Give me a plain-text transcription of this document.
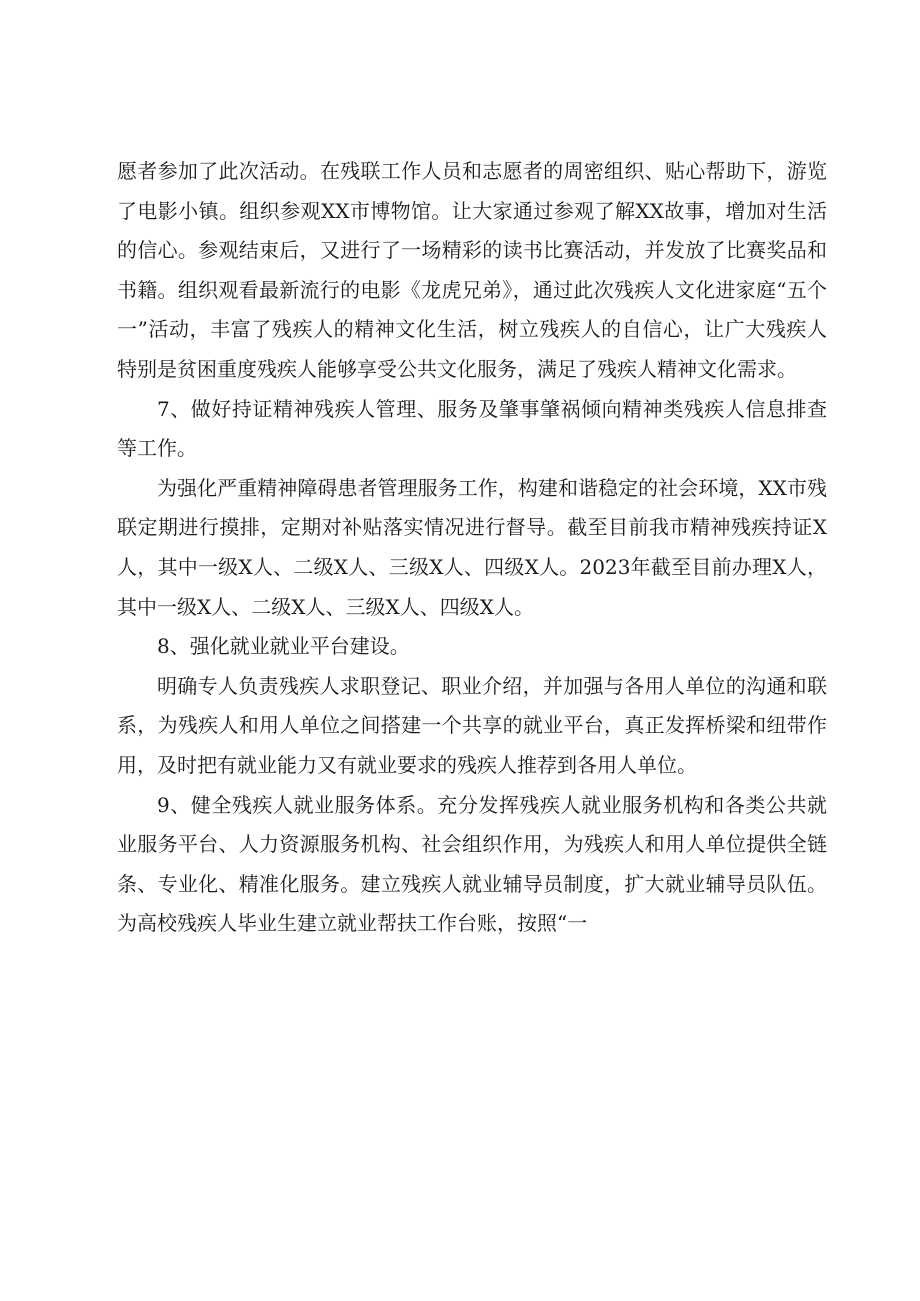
愿者参加了此次活动。在残联工作人员和志愿者的周密组织、贴心帮助下，游览了电影小镇。组织参观XX市博物馆。让大家通过参观了解XX故事，增加对生活的信心。参观结束后，又进行了一场精彩的读书比赛活动，并发放了比赛奖品和书籍。组织观看最新流行的电影《龙虎兄弟》，通过此次残疾人文化进家庭“五个一”活动，丰富了残疾人的精神文化生活，树立残疾人的自信心，让广大残疾人特别是贫困重度残疾人能够享受公共文化服务，满足了残疾人精神文化需求。

7、做好持证精神残疾人管理、服务及肇事肇祸倾向精神类残疾人信息排查等工作。

为强化严重精神障碍患者管理服务工作，构建和谐稳定的社会环境，XX市残联定期进行摸排，定期对补贴落实情况进行督导。截至目前我市精神残疾持证X人，其中一级X人、二级X人、三级X人、四级X人。2023年截至目前办理X人，其中一级X人、二级X人、三级X人、四级X人。

8、强化就业就业平台建设。

明确专人负责残疾人求职登记、职业介绍，并加强与各用人单位的沟通和联系，为残疾人和用人单位之间搭建一个共享的就业平台，真正发挥桥梁和纽带作用，及时把有就业能力又有就业要求的残疾人推荐到各用人单位。

9、健全残疾人就业服务体系。充分发挥残疾人就业服务机构和各类公共就业服务平台、人力资源服务机构、社会组织作用，为残疾人和用人单位提供全链条、专业化、精准化服务。建立残疾人就业辅导员制度，扩大就业辅导员队伍。为高校残疾人毕业生建立就业帮扶工作台账，按照“一
